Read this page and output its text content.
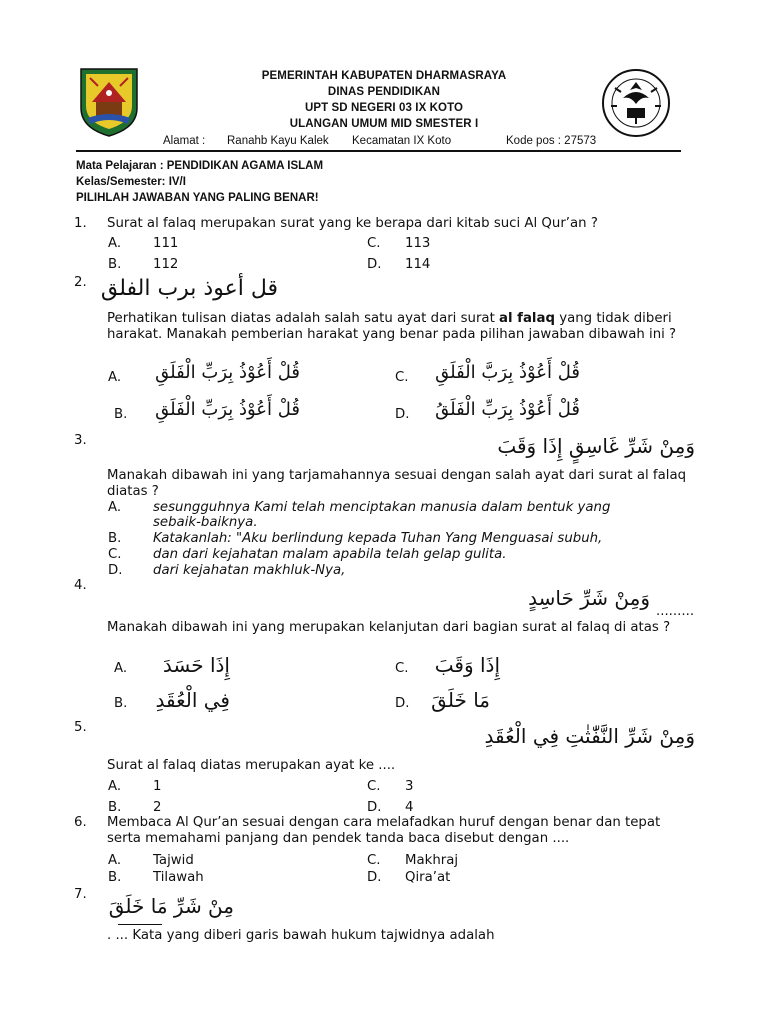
PEMERINTAH KABUPATEN DHARMASRAYA
DINAS PENDIDIKAN
UPT SD NEGERI 03 IX KOTO
ULANGAN UMUM MID SMESTER I
Alamat : Ranahb Kayu Kalek Kecamatan IX Koto	Kode pos : 27573
Mata Pelajaran : PENDIDIKAN AGAMA ISLAM
Kelas/Semester: IV/I
PILIHLAH JAWABAN YANG PALING BENAR!
1. Surat al falaq merupakan surat yang ke berapa dari kitab suci Al Qur’an ?
A. 111	C. 113
B. 112	D. 114
2. قل أعوذ برب الفلق
Perhatikan tulisan diatas adalah salah satu ayat dari surat al falaq yang tidak diberi harakat. Manakah pemberian harakat yang benar pada pilihan jawaban dibawah ini ?
A. قُلْ أَعُوْذُ بِرَبِّ الْفَلَقِ	C. قُلْ أَعُوْذُ بِرَبَّ الْفَلَقِ
B. قُلْ أَعُوْذُ بِرَبِّ الْفَلَقِ	D. قُلْ أَعُوْذُ بِرَبِّ الْفَلَقُ
3.	وَمِنْ شَرِّ غَاسِقٍ إِذَا وَقَبَ
Manakah dibawah ini yang tarjamahannya sesuai dengan salah ayat dari surat al falaq diatas ?
A. sesungguhnya Kami telah menciptakan manusia dalam bentuk yang
sebaik-baiknya.
B. Katakanlah: "Aku berlindung kepada Tuhan Yang Menguasai subuh,
C. dan dari kejahatan malam apabila telah gelap gulita.
D. dari kejahatan makhluk-Nya,
4.
وَمِنْ شَرِّ حَاسِدٍ
.........
Manakah dibawah ini yang merupakan kelanjutan dari bagian surat al falaq di atas ?
A.	إِذَا حَسَدَ	C. إِذَا وَقَبَ
B. فِي الْعُقَدِ	D. مَا خَلَقَ
5.	وَمِنْ شَرِّ النَّفّٰثٰتِ فِي الْعُقَدِ
Surat al falaq diatas merupakan ayat ke ....
A. 1	C. 3
B. 2	D. 4
6. Membaca Al Qur’an sesuai dengan cara melafadkan huruf dengan benar dan tepat serta memahami panjang dan pendek tanda baca disebut dengan ....
A. Tajwid	C. Makhraj
B. Tilawah	D. Qira’at
7. مِنْ شَرِّ مَا خَلَقَ
. ... Kata yang diberi garis bawah hukum tajwidnya adalah
